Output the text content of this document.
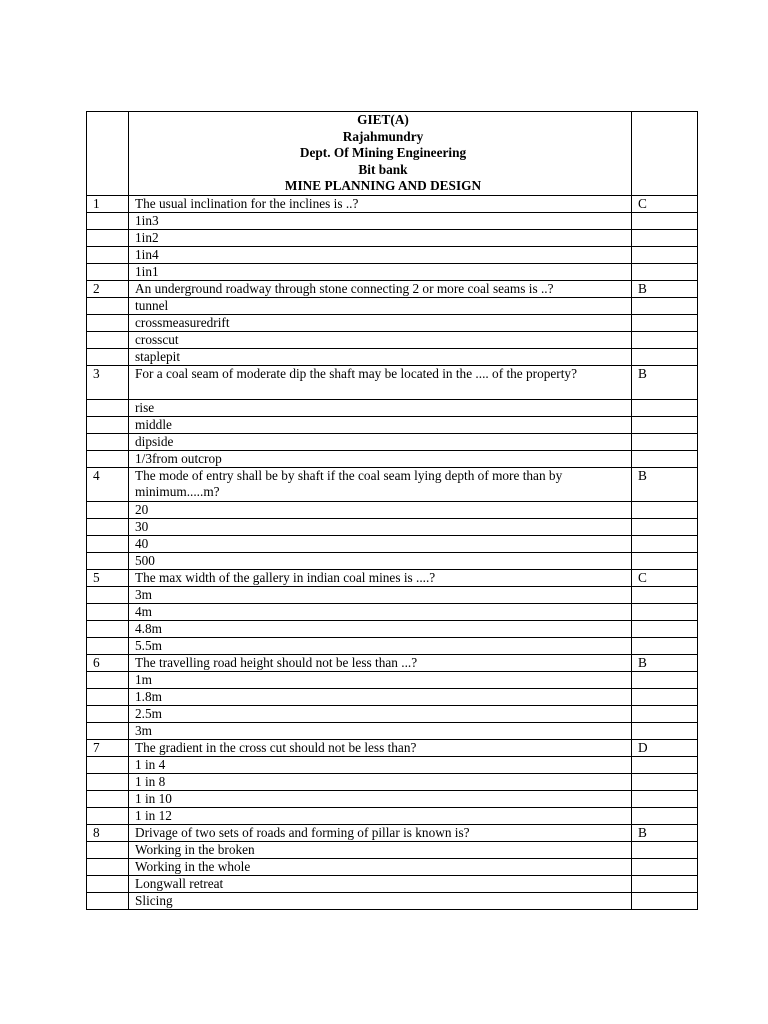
	GIET(A)
Rajahmundry
Dept. Of Mining Engineering
Bit bank
MINE PLANNING AND DESIGN	

1	The usual inclination for the inclines is ..?	C
	1in3	
	1in2	
	1in4	
	1in1	
2	An underground roadway through stone connecting 2 or more coal seams is ..?	B
	tunnel	
	crossmeasuredrift	
	crosscut	
	staplepit	
3	For a coal seam of moderate dip the shaft may be located in the .... of the property?	B
	rise	
	middle	
	dipside	
	1/3from outcrop	
4	The mode of entry shall be by shaft if the coal seam lying depth of more than by minimum.....m?	B
	20	
	30	
	40	
	500	
5	The max width of the gallery in indian coal mines is ....?	C
	3m	
	4m	
	4.8m	
	5.5m	
6	The travelling road height should not be less than ...?	B
	1m	
	1.8m	
	2.5m	
	3m	
7	The gradient in the cross cut should not be less than?	D
	1 in 4	
	1 in 8	
	1 in 10	
	1 in 12	
8	Drivage of two sets of roads and forming of pillar is known is?	B
	Working in the broken	
	Working in the whole	
	Longwall retreat	
	Slicing	
